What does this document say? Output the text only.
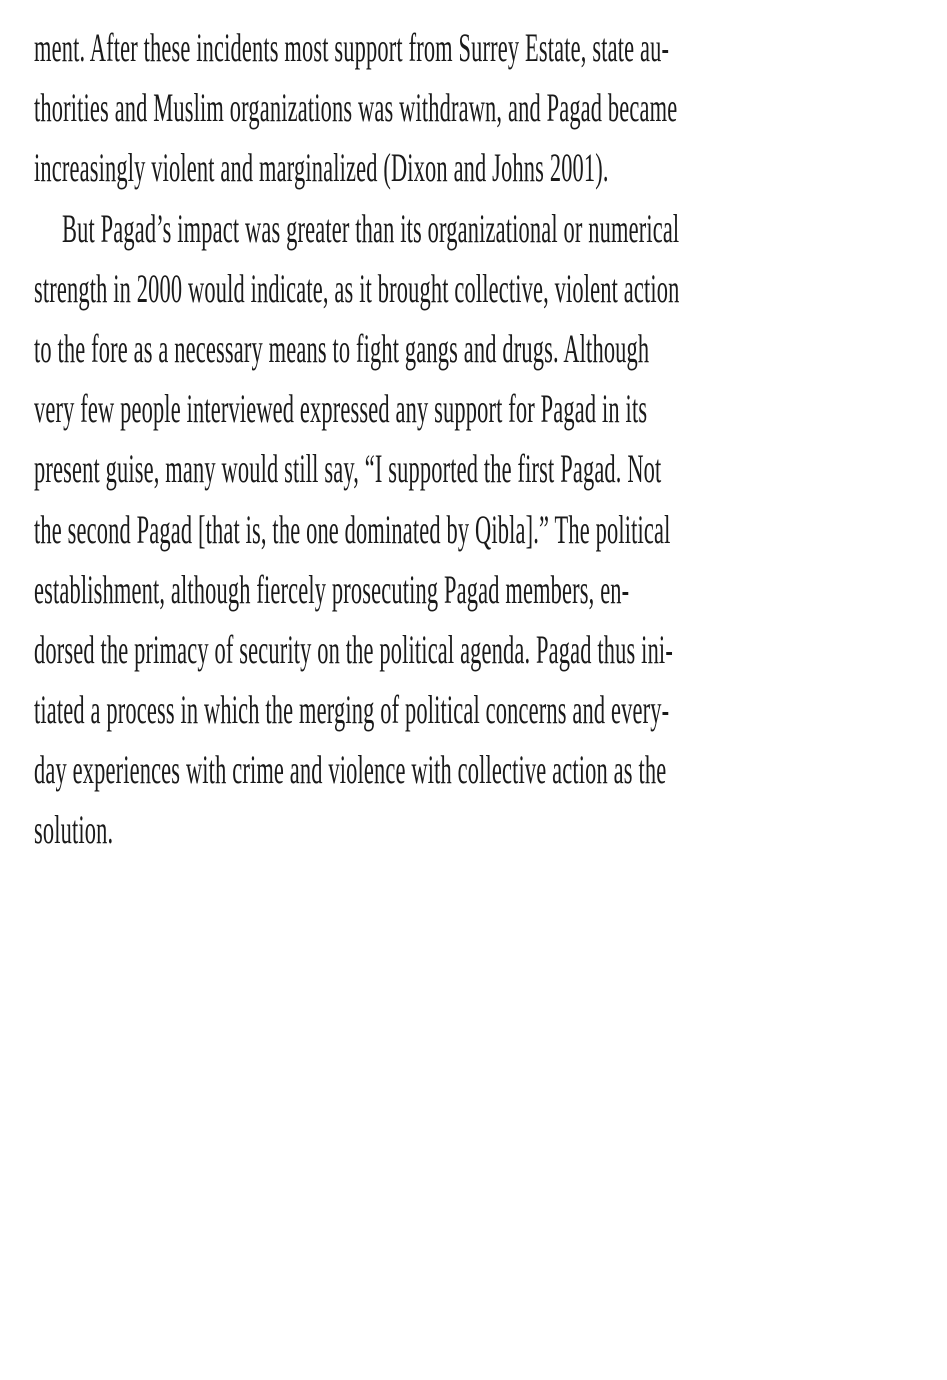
ment. After these incidents most support from Surrey Estate, state au-
thorities and Muslim organizations was withdrawn, and Pagad became
increasingly violent and marginalized (Dixon and Johns 2001).
But Pagad’s impact was greater than its organizational or numerical
strength in 2000 would indicate, as it brought collective, violent action
to the fore as a necessary means to fight gangs and drugs. Although
very few people interviewed expressed any support for Pagad in its
present guise, many would still say, “I supported the first Pagad. Not
the second Pagad [that is, the one dominated by Qibla].” The political
establishment, although fiercely prosecuting Pagad members, en-
dorsed the primacy of security on the political agenda. Pagad thus ini-
tiated a process in which the merging of political concerns and every-
day experiences with crime and violence with collective action as the
solution.
